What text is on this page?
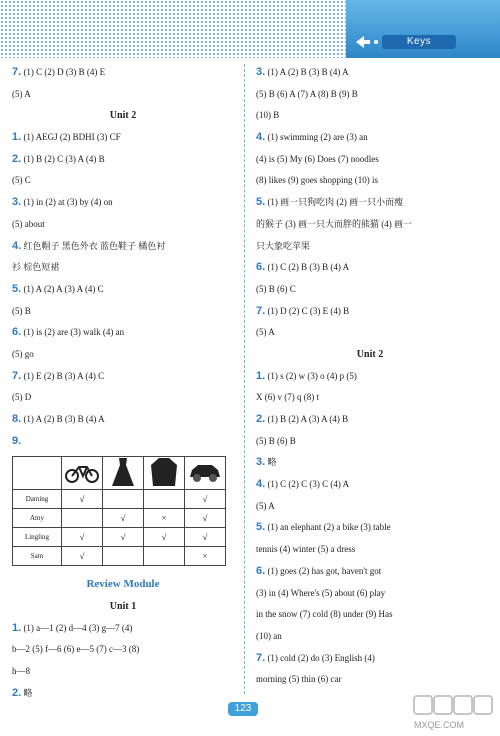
Keys
7. (1) C (2) D (3) B (4) E
(5) A
Unit 2
1. (1) AEGJ (2) BDHI (3) CF
2. (1) B (2) C (3) A (4) B
(5) C
3. (1) in (2) at (3) by (4) on
(5) about
4. 红色帽子 黑色外衣 蓝色鞋子 橘色衬
衫 棕色短裙
5. (1) A (2) A (3) A (4) C
(5) B
6. (1) is (2) are (3) walk (4) an
(5) go
7. (1) E (2) B (3) A (4) C
(5) D
8. (1) A (2) B (3) B (4) A
9.

Daming	√			√
Amy		√	×	√
Lingling	√	√	√	√
Sam	√			×
Review Module
Unit 1
1. (1) a—1 (2) d—4 (3) g—7 (4)
b—2 (5) f—6 (6) e—5 (7) c—3 (8)
h—8
2. 略
3. (1) A (2) B (3) B (4) A
(5) B (6) A (7) A (8) B (9) B
(10) B
4. (1) swimming (2) are (3) an
(4) is (5) My (6) Does (7) noodles
(8) likes (9) goes shopping (10) is
5. (1) 画一只狗吃肉 (2) 画一只小而瘦
的猴子 (3) 画一只大而胖的熊猫 (4) 画一
只大象吃苹果
6. (1) C (2) B (3) B (4) A
(5) B (6) C
7. (1) D (2) C (3) E (4) B
(5) A
Unit 2
1. (1) s (2) w (3) o (4) p (5)
X (6) v (7) q (8) t
2. (1) B (2) A (3) A (4) B
(5) B (6) B
3. 略
4. (1) C (2) C (3) C (4) A
(5) A
5. (1) an elephant (2) a bike (3) table
tennis (4) winter (5) a dress
6. (1) goes (2) has got, haven't got
(3) in (4) Where's (5) about (6) play
in the snow (7) cold (8) under (9) Has
(10) an
7. (1) cold (2) do (3) English (4)
morning (5) thin (6) car
123
MXQE.COM
